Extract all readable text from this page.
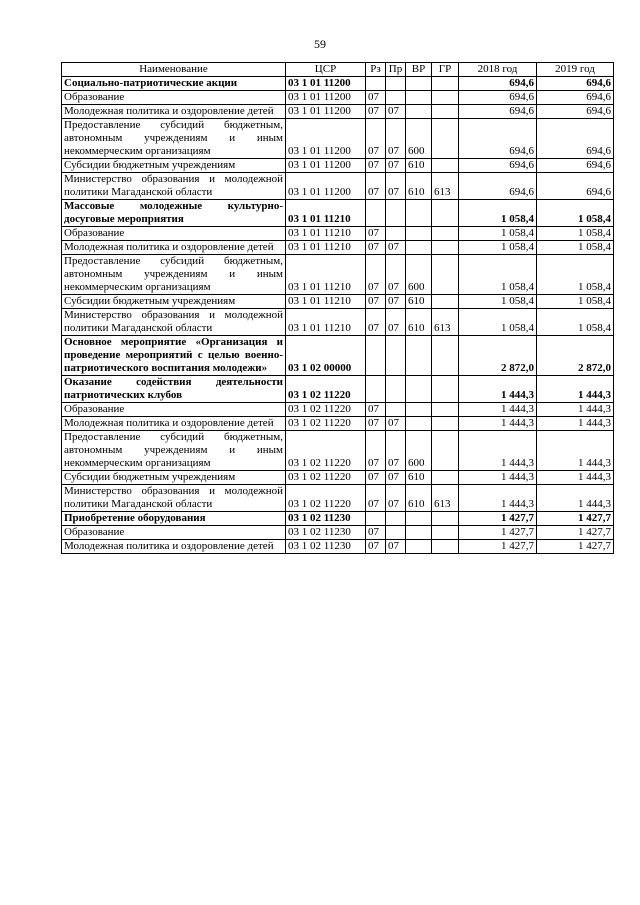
59
Наименование	ЦСР	Рз	Пр	ВР	ГР	2018 год	2019 год
Социально-патриотические акции	03 1 01 11200					694,6	694,6
Образование	03 1 01 11200	07				694,6	694,6
Молодежная политика и оздоровление детей	03 1 01 11200	07	07			694,6	694,6
Предоставление субсидий бюджетным, автономным учреждениям и иным некоммерческим организациям	03 1 01 11200	07	07	600		694,6	694,6
Субсидии бюджетным учреждениям	03 1 01 11200	07	07	610		694,6	694,6
Министерство образования и молодежной политики Магаданской области	03 1 01 11200	07	07	610	613	694,6	694,6
Массовые молодежные культурно-досуговые мероприятия	03 1 01 11210					1 058,4	1 058,4
Образование	03 1 01 11210	07				1 058,4	1 058,4
Молодежная политика и оздоровление детей	03 1 01 11210	07	07			1 058,4	1 058,4
Предоставление субсидий бюджетным, автономным учреждениям и иным некоммерческим организациям	03 1 01 11210	07	07	600		1 058,4	1 058,4
Субсидии бюджетным учреждениям	03 1 01 11210	07	07	610		1 058,4	1 058,4
Министерство образования и молодежной политики Магаданской области	03 1 01 11210	07	07	610	613	1 058,4	1 058,4
Основное мероприятие «Организация и проведение мероприятий с целью военно-патриотического воспитания молодежи»	03 1 02 00000					2 872,0	2 872,0
Оказание содействия деятельности патриотических клубов	03 1 02 11220					1 444,3	1 444,3
Образование	03 1 02 11220	07				1 444,3	1 444,3
Молодежная политика и оздоровление детей	03 1 02 11220	07	07			1 444,3	1 444,3
Предоставление субсидий бюджетным, автономным учреждениям и иным некоммерческим организациям	03 1 02 11220	07	07	600		1 444,3	1 444,3
Субсидии бюджетным учреждениям	03 1 02 11220	07	07	610		1 444,3	1 444,3
Министерство образования и молодежной политики Магаданской области	03 1 02 11220	07	07	610	613	1 444,3	1 444,3
Приобретение оборудования	03 1 02 11230					1 427,7	1 427,7
Образование	03 1 02 11230	07				1 427,7	1 427,7
Молодежная политика и оздоровление детей	03 1 02 11230	07	07			1 427,7	1 427,7
